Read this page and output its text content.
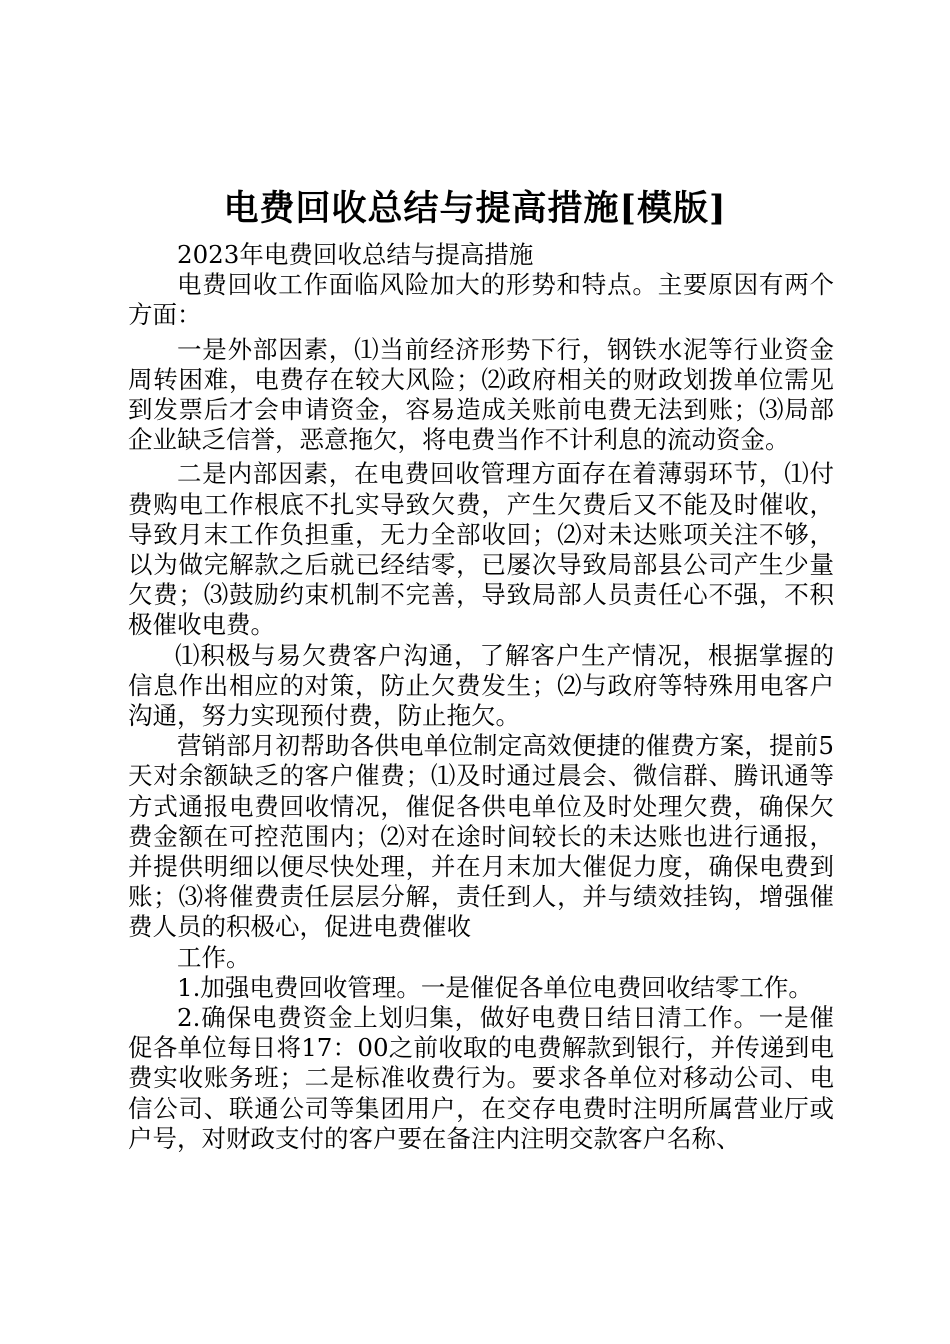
电费回收总结与提高措施[模版]

2023年电费回收总结与提高措施

电费回收工作面临风险加大的形势和特点。主要原因有两个方面：

一是外部因素，⑴当前经济形势下行，钢铁水泥等行业资金周转困难，电费存在较大风险；⑵政府相关的财政划拨单位需见到发票后才会申请资金，容易造成关账前电费无法到账；⑶局部企业缺乏信誉，恶意拖欠，将电费当作不计利息的流动资金。

二是内部因素，在电费回收管理方面存在着薄弱环节，⑴付费购电工作根底不扎实导致欠费，产生欠费后又不能及时催收，导致月末工作负担重，无力全部收回；⑵对未达账项关注不够，以为做完解款之后就已经结零，已屡次导致局部县公司产生少量欠费；⑶鼓励约束机制不完善，导致局部人员责任心不强，不积极催收电费。

⑴积极与易欠费客户沟通，了解客户生产情况，根据掌握的信息作出相应的对策，防止欠费发生；⑵与政府等特殊用电客户沟通，努力实现预付费，防止拖欠。

营销部月初帮助各供电单位制定高效便捷的催费方案，提前5天对余额缺乏的客户催费；⑴及时通过晨会、微信群、腾讯通等方式通报电费回收情况，催促各供电单位及时处理欠费，确保欠费金额在可控范围内；⑵对在途时间较长的未达账也进行通报，并提供明细以便尽快处理，并在月末加大催促力度，确保电费到账；⑶将催费责任层层分解，责任到人，并与绩效挂钩，增强催费人员的积极心，促进电费催收

工作。

1.加强电费回收管理。一是催促各单位电费回收结零工作。

2.确保电费资金上划归集，做好电费日结日清工作。一是催促各单位每日将17：00之前收取的电费解款到银行，并传递到电费实收账务班；二是标准收费行为。要求各单位对移动公司、电信公司、联通公司等集团用户，在交存电费时注明所属营业厅或户号，对财政支付的客户要在备注内注明交款客户名称、
